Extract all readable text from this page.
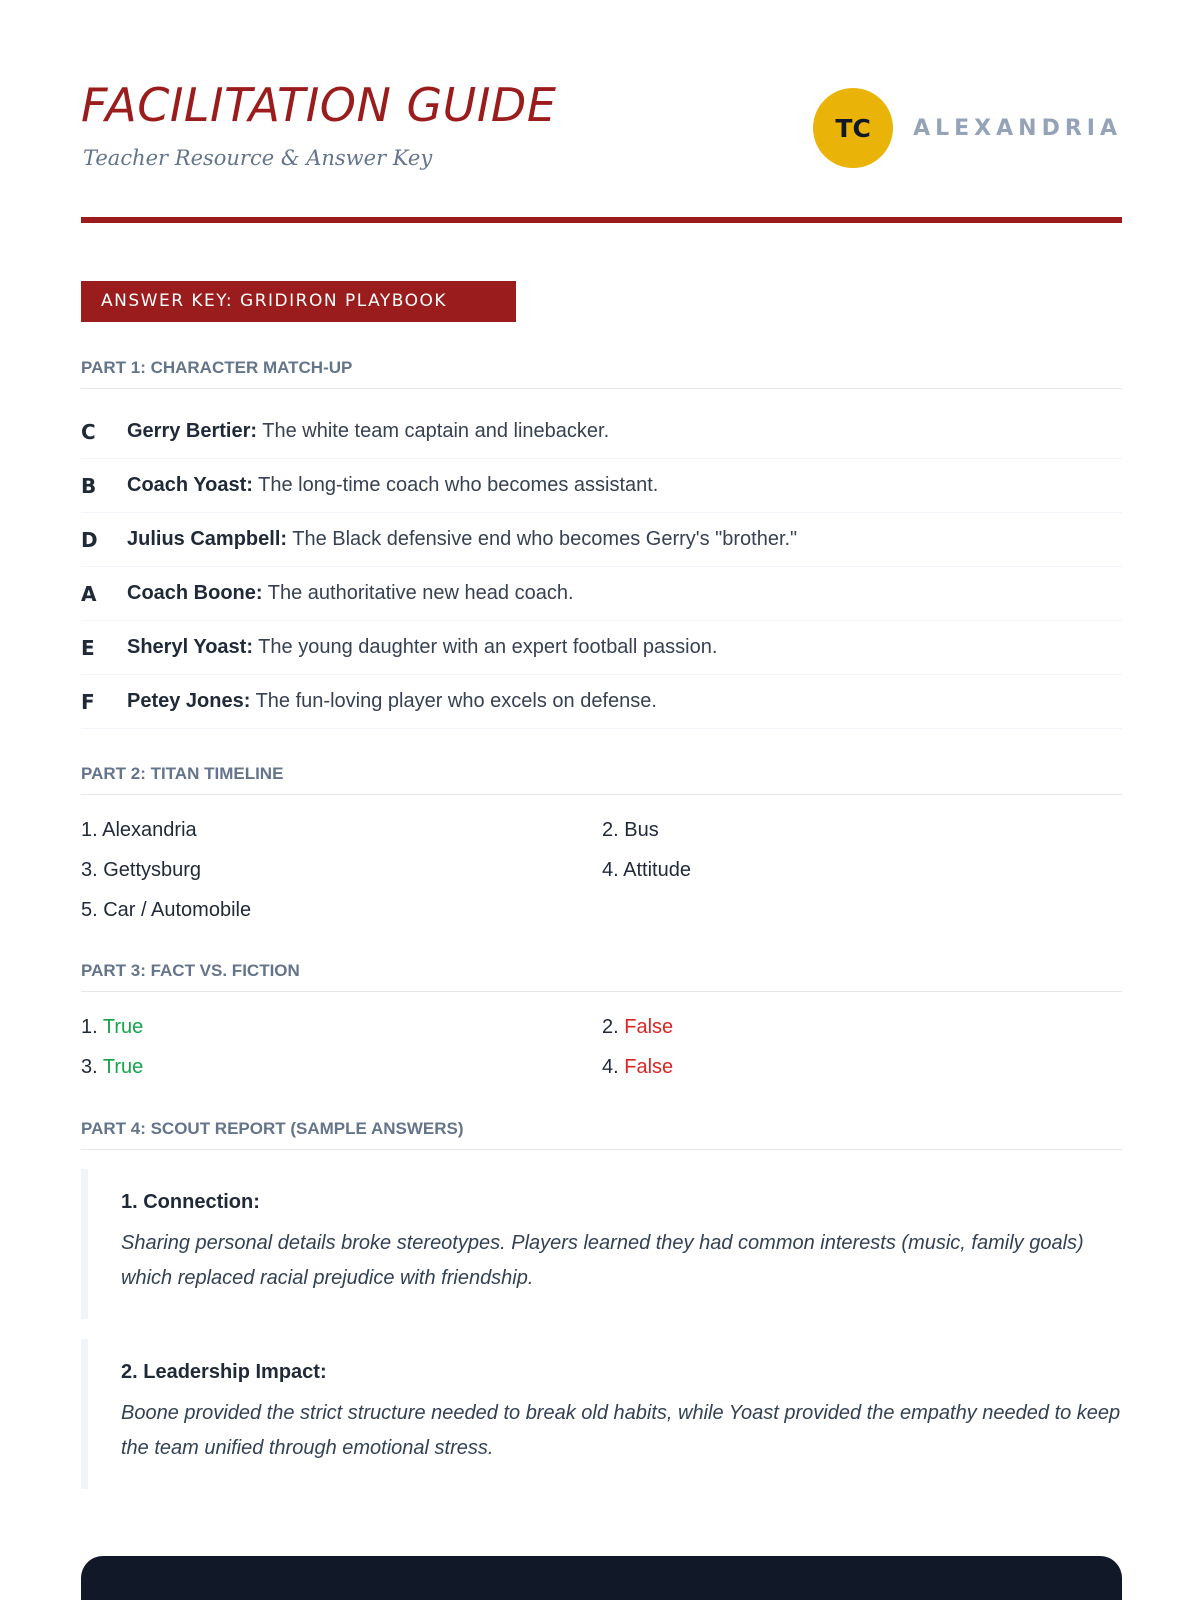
FACILITATION GUIDE
Teacher Resource & Answer Key
TC	ALEXANDRIA
ANSWER KEY: GRIDIRON PLAYBOOK
PART 1: CHARACTER MATCH-UP
C	Gerry Bertier: The white team captain and linebacker.
B	Coach Yoast: The long-time coach who becomes assistant.
D	Julius Campbell: The Black defensive end who becomes Gerry's "brother."
A	Coach Boone: The authoritative new head coach.
E	Sheryl Yoast: The young daughter with an expert football passion.
F	Petey Jones: The fun-loving player who excels on defense.
PART 2: TITAN TIMELINE
1. Alexandria	2. Bus
3. Gettysburg	4. Attitude
5. Car / Automobile
PART 3: FACT VS. FICTION
1. True	2. False
3. True	4. False
PART 4: SCOUT REPORT (SAMPLE ANSWERS)
1. Connection:
Sharing personal details broke stereotypes. Players learned they had common interests (music, family goals) which replaced racial prejudice with friendship.
2. Leadership Impact:
Boone provided the strict structure needed to break old habits, while Yoast provided the empathy needed to keep the team unified through emotional stress.
